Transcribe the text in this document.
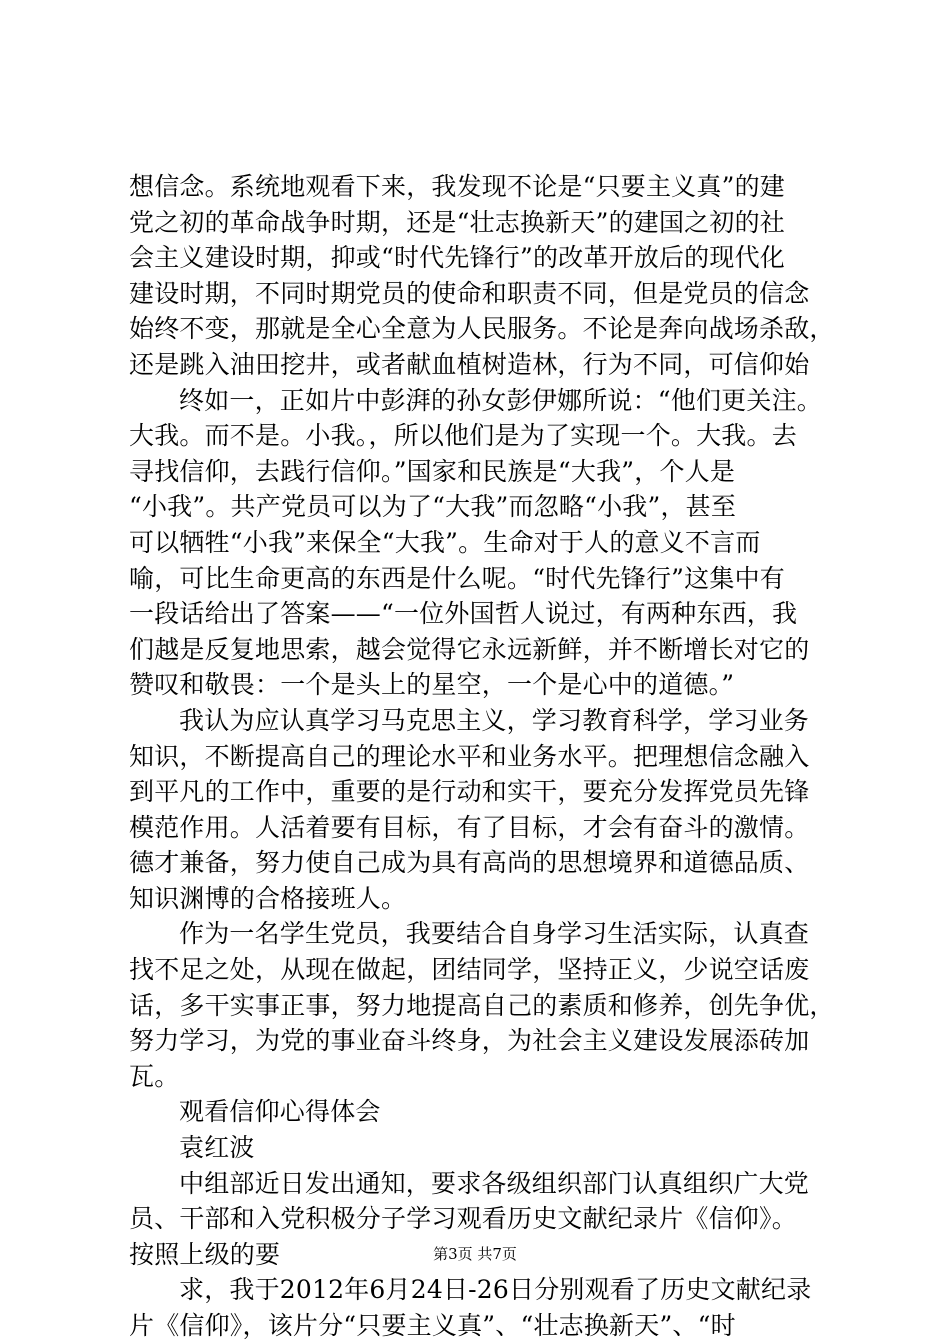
想信念。系统地观看下来，我发现不论是“只要主义真”的建
党之初的革命战争时期，还是“壮志换新天”的建国之初的社
会主义建设时期，抑或“时代先锋行”的改革开放后的现代化
建设时期，不同时期党员的使命和职责不同，但是党员的信念
始终不变，那就是全心全意为人民服务。不论是奔向战场杀敌，
还是跳入油田挖井，或者献血植树造林，行为不同，可信仰始
终如一，正如片中彭湃的孙女彭伊娜所说：“他们更关注。
大我。而不是。小我。，所以他们是为了实现一个。大我。去
寻找信仰，去践行信仰。”国家和民族是“大我”，个人是
“小我”。共产党员可以为了“大我”而忽略“小我”，甚至
可以牺牲“小我”来保全“大我”。生命对于人的意义不言而
喻，可比生命更高的东西是什么呢。“时代先锋行”这集中有
一段话给出了答案——“一位外国哲人说过，有两种东西，我
们越是反复地思索，越会觉得它永远新鲜，并不断增长对它的
赞叹和敬畏：一个是头上的星空，一个是心中的道德。”
我认为应认真学习马克思主义，学习教育科学，学习业务
知识，不断提高自己的理论水平和业务水平。把理想信念融入
到平凡的工作中，重要的是行动和实干，要充分发挥党员先锋
模范作用。人活着要有目标，有了目标，才会有奋斗的激情。
德才兼备，努力使自己成为具有高尚的思想境界和道德品质、
知识渊博的合格接班人。
作为一名学生党员，我要结合自身学习生活实际，认真查
找不足之处，从现在做起，团结同学，坚持正义，少说空话废
话，多干实事正事，努力地提高自己的素质和修养，创先争优，
努力学习，为党的事业奋斗终身，为社会主义建设发展添砖加
瓦。
观看信仰心得体会
袁红波
中组部近日发出通知，要求各级组织部门认真组织广大党
员、干部和入党积极分子学习观看历史文献纪录片《信仰》。
按照上级的要
求，我于2012年6月24日-26日分别观看了历史文献纪录
片《信仰》，该片分“只要主义真”、“壮志换新天”、“时
第3页 共7页
